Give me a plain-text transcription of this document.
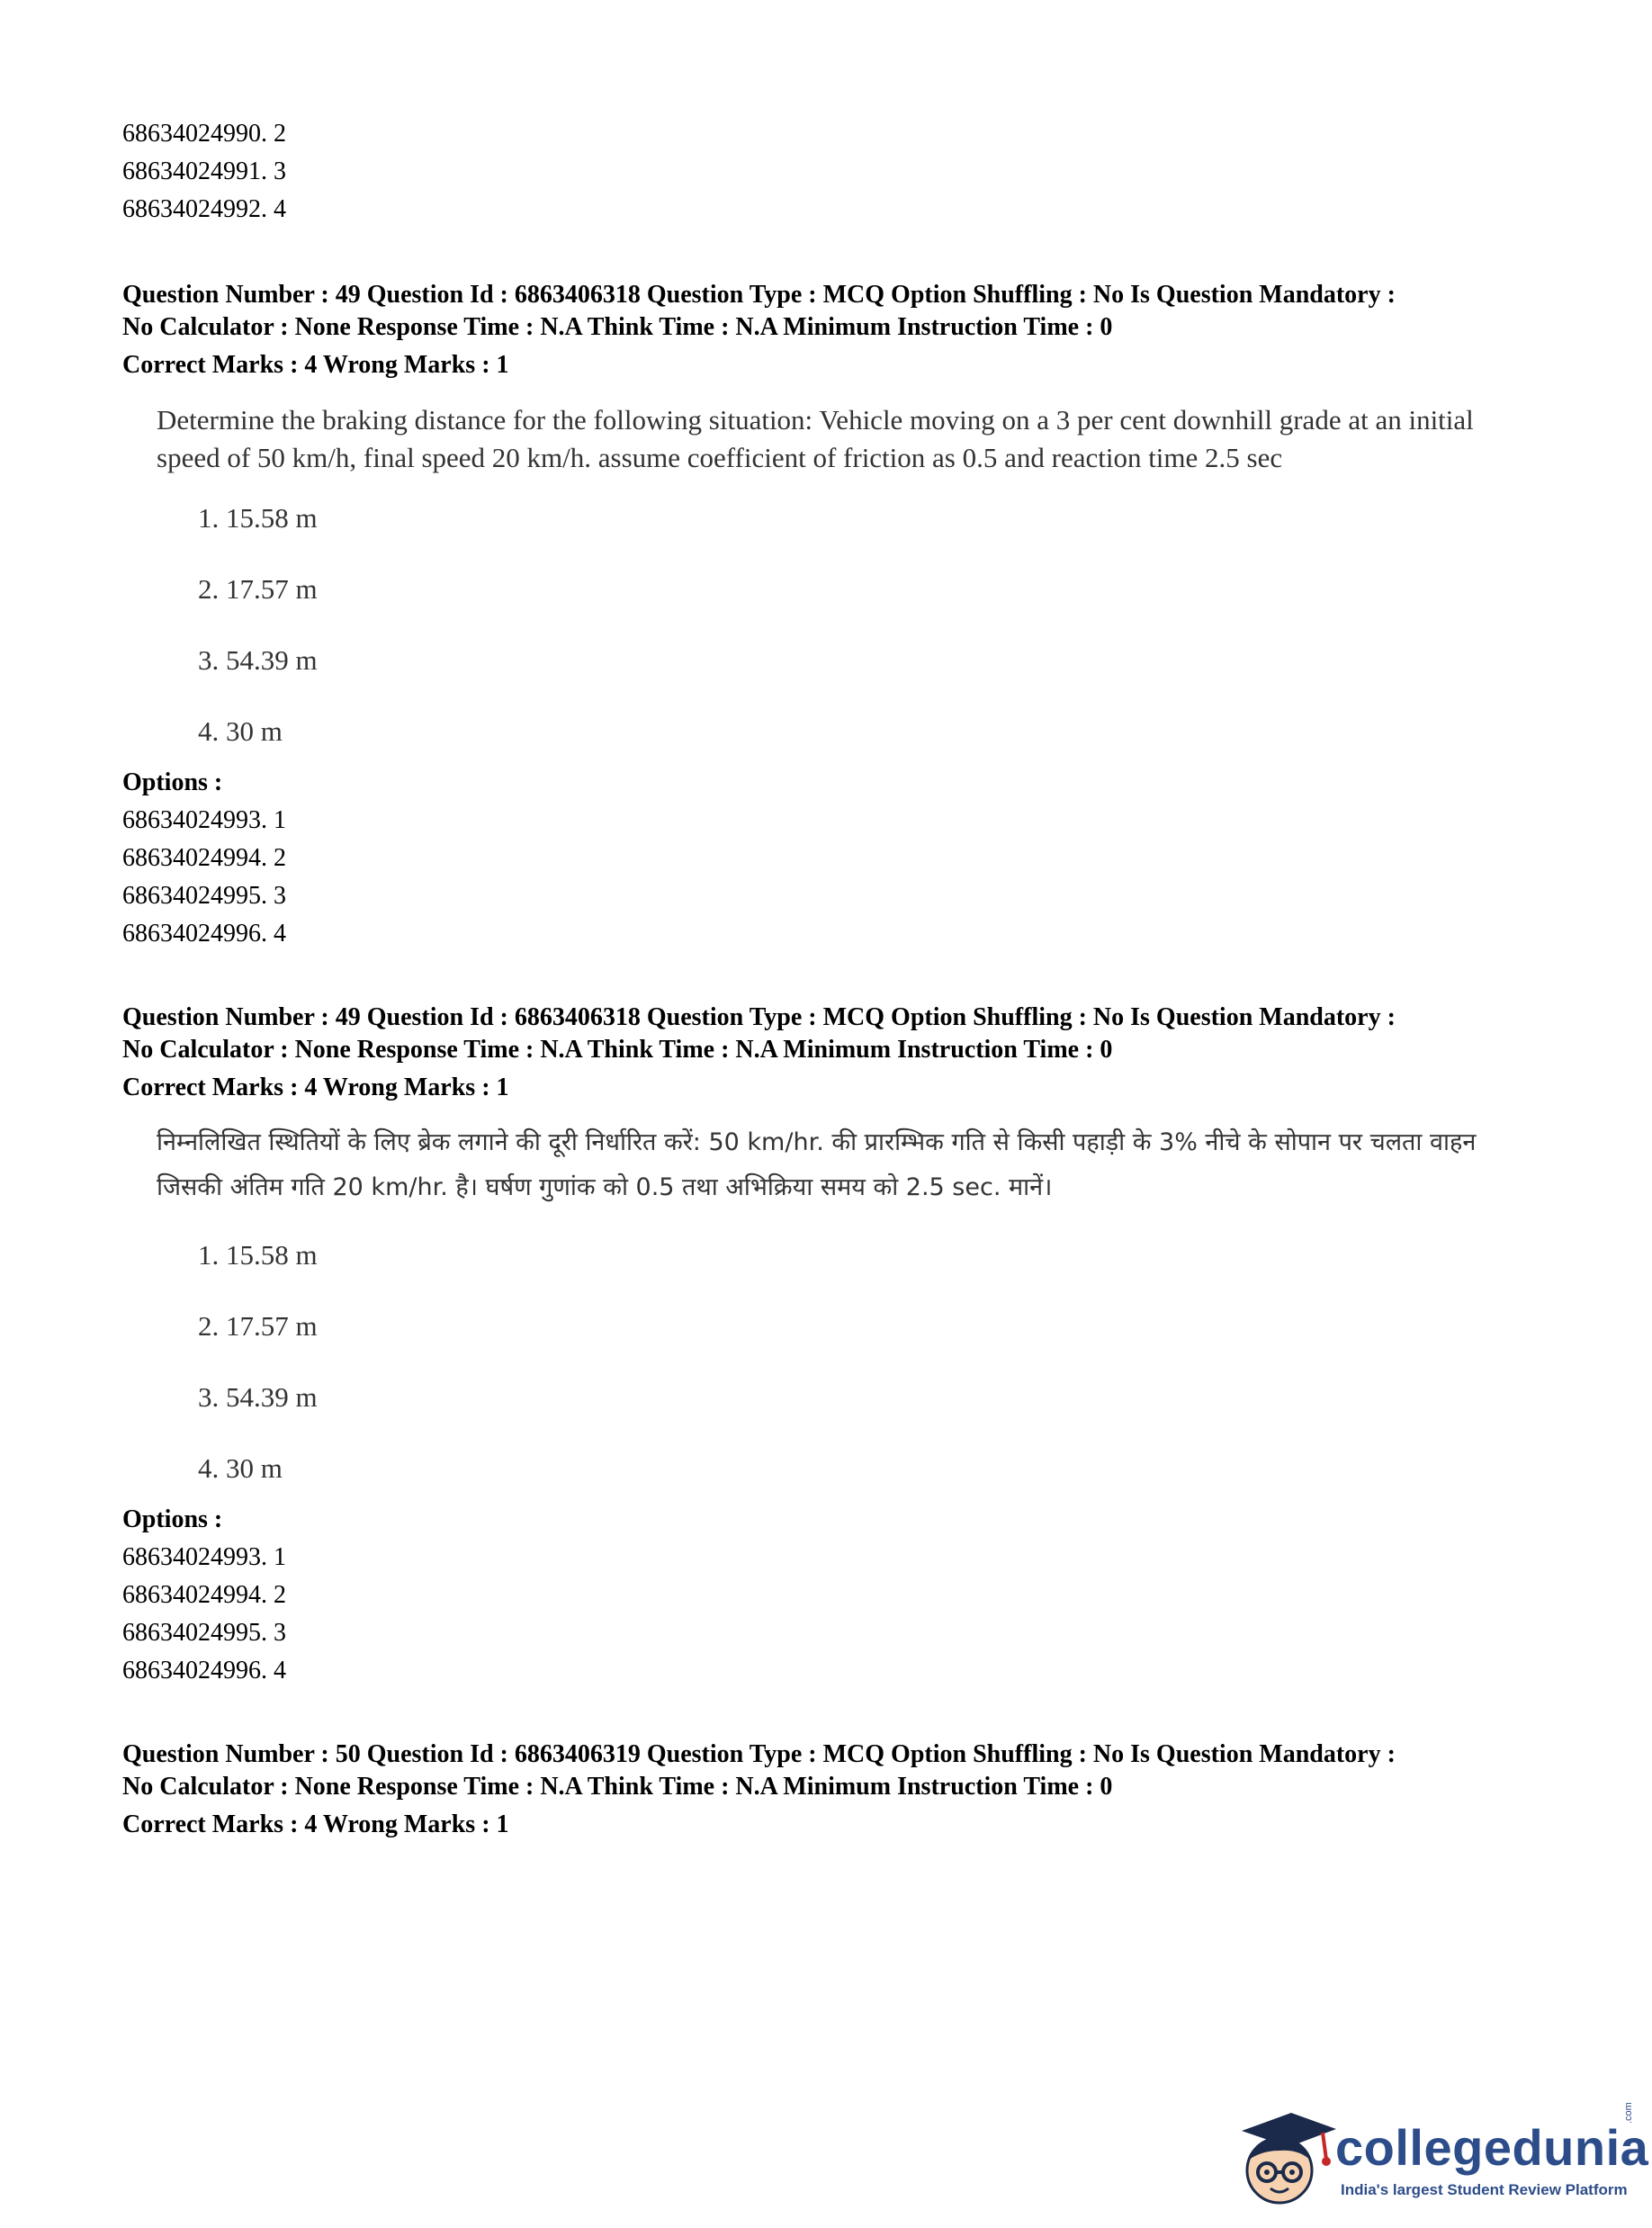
68634024990. 2
68634024991. 3
68634024992. 4
Question Number : 49 Question Id : 6863406318 Question Type : MCQ Option Shuffling : No Is Question Mandatory :
No Calculator : None Response Time : N.A Think Time : N.A Minimum Instruction Time : 0
Correct Marks : 4 Wrong Marks : 1
Determine the braking distance for the following situation: Vehicle moving on a 3 per cent downhill grade at an initial speed of 50 km/h, final speed 20 km/h. assume coefficient of friction as 0.5 and reaction time 2.5 sec
1. 15.58 m
2. 17.57 m
3. 54.39 m
4. 30 m
Options :
68634024993. 1
68634024994. 2
68634024995. 3
68634024996. 4
Question Number : 49 Question Id : 6863406318 Question Type : MCQ Option Shuffling : No Is Question Mandatory :
No Calculator : None Response Time : N.A Think Time : N.A Minimum Instruction Time : 0
Correct Marks : 4 Wrong Marks : 1
निम्नलिखित स्थितियों के लिए ब्रेक लगाने की दूरी निर्धारित करें: 50 km/hr. की प्रारम्भिक गति से किसी पहाड़ी के 3% नीचे के सोपान पर चलता वाहन जिसकी अंतिम गति 20 km/hr. है। घर्षण गुणांक को 0.5 तथा अभिक्रिया समय को 2.5 sec. मानें।
1. 15.58 m
2. 17.57 m
3. 54.39 m
4. 30 m
Options :
68634024993. 1
68634024994. 2
68634024995. 3
68634024996. 4
Question Number : 50 Question Id : 6863406319 Question Type : MCQ Option Shuffling : No Is Question Mandatory :
No Calculator : None Response Time : N.A Think Time : N.A Minimum Instruction Time : 0
Correct Marks : 4 Wrong Marks : 1
collegedunia
.com
India's largest Student Review Platform
